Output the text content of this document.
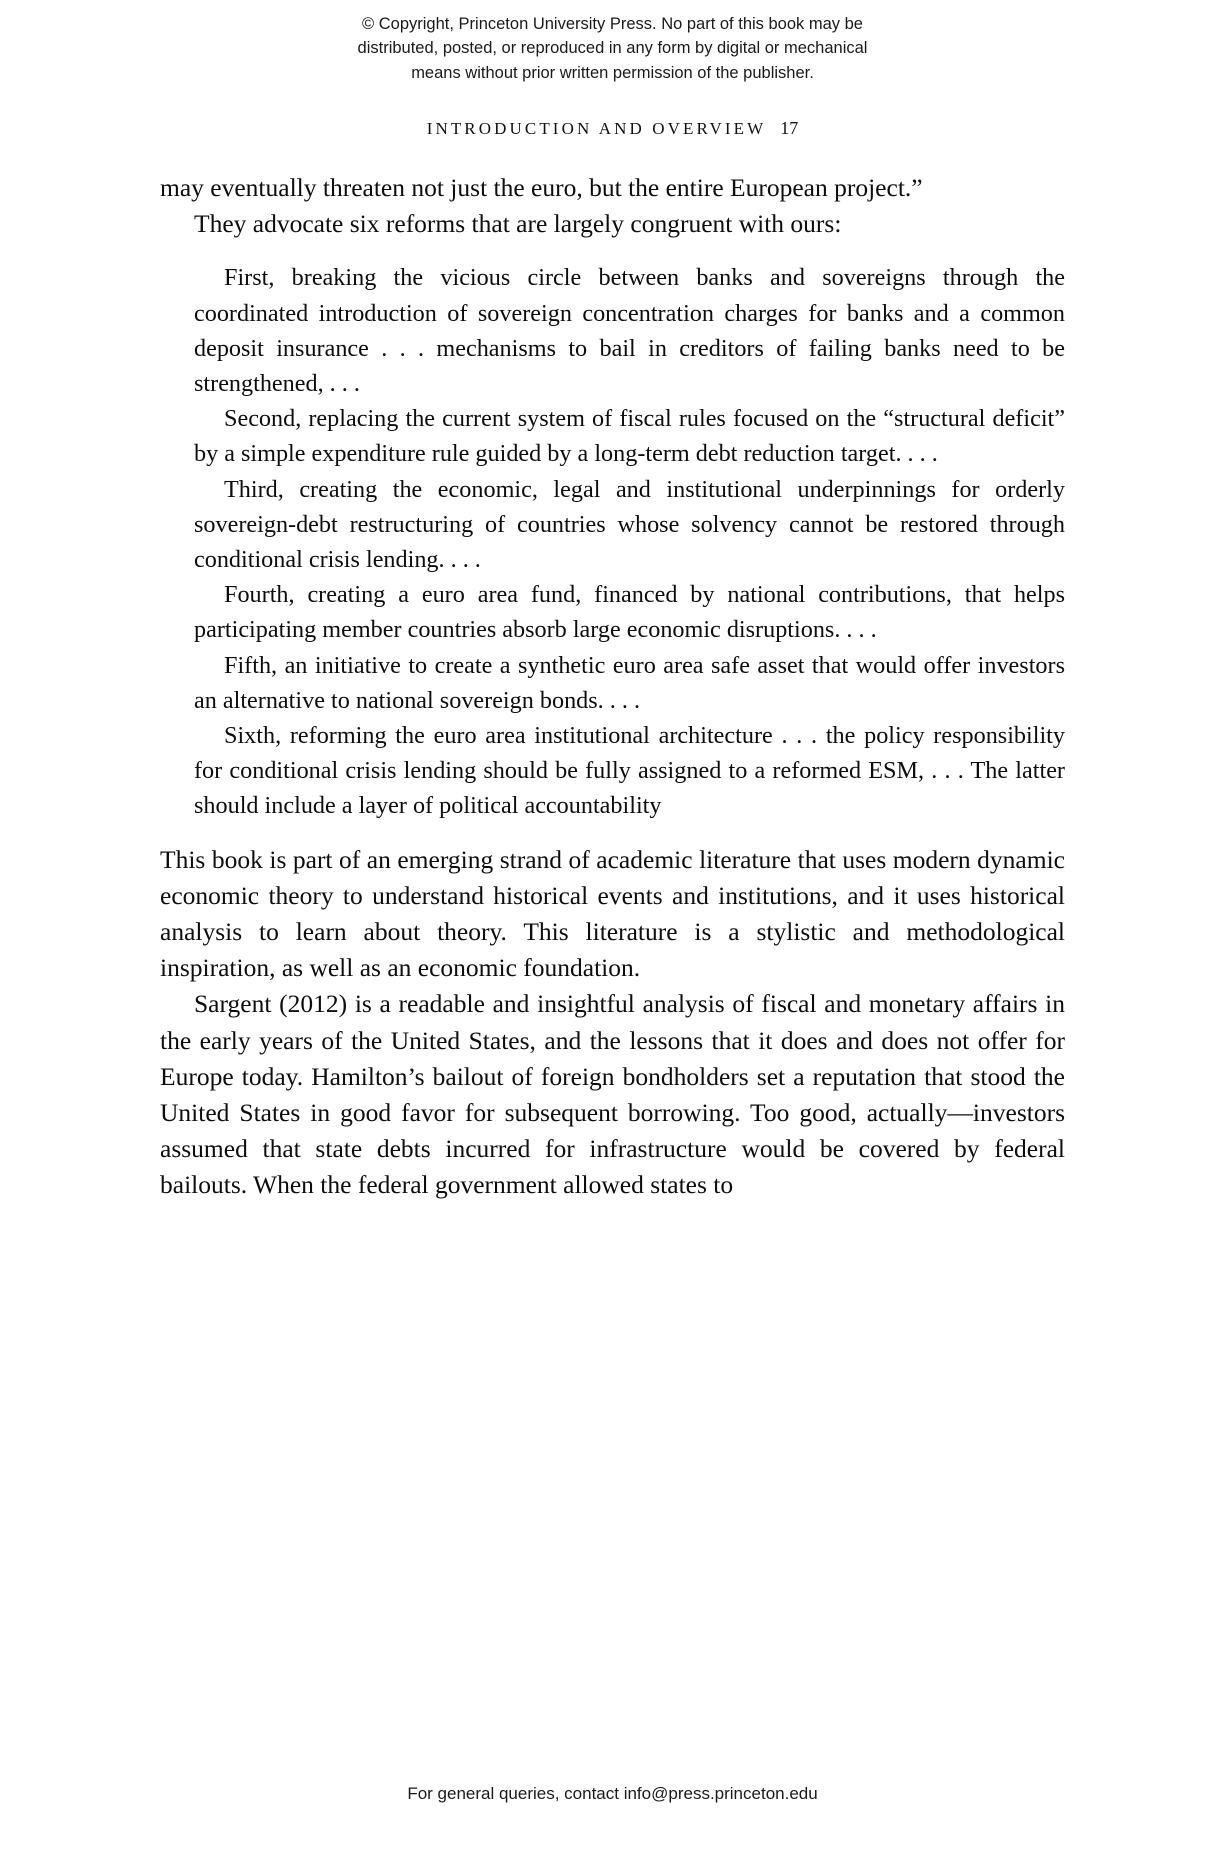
© Copyright, Princeton University Press. No part of this book may be
distributed, posted, or reproduced in any form by digital or mechanical
means without prior written permission of the publisher.
INTRODUCTION AND OVERVIEW 17

may eventually threaten not just the euro, but the entire European project.”

They advocate six reforms that are largely congruent with ours:

First, breaking the vicious circle between banks and sovereigns through the coordinated introduction of sovereign concentration charges for banks and a common deposit insurance . . . mechanisms to bail in creditors of failing banks need to be strengthened, . . .

Second, replacing the current system of fiscal rules focused on the “structural deficit” by a simple expenditure rule guided by a long-term debt reduction target. . . .

Third, creating the economic, legal and institutional underpinnings for orderly sovereign-debt restructuring of countries whose solvency cannot be restored through conditional crisis lending. . . .

Fourth, creating a euro area fund, financed by national contributions, that helps participating member countries absorb large economic disruptions. . . .

Fifth, an initiative to create a synthetic euro area safe asset that would offer investors an alternative to national sovereign bonds. . . .

Sixth, reforming the euro area institutional architecture . . . the policy responsibility for conditional crisis lending should be fully assigned to a reformed ESM, . . . The latter should include a layer of political accountability

This book is part of an emerging strand of academic literature that uses modern dynamic economic theory to understand historical events and institutions, and it uses historical analysis to learn about theory. This literature is a stylistic and methodological inspiration, as well as an economic foundation.

Sargent (2012) is a readable and insightful analysis of fiscal and monetary affairs in the early years of the United States, and the lessons that it does and does not offer for Europe today. Hamilton’s bailout of foreign bondholders set a reputation that stood the United States in good favor for subsequent borrowing. Too good, actually—investors assumed that state debts incurred for infrastructure would be covered by federal bailouts. When the federal government allowed states to

For general queries, contact info@press.princeton.edu
